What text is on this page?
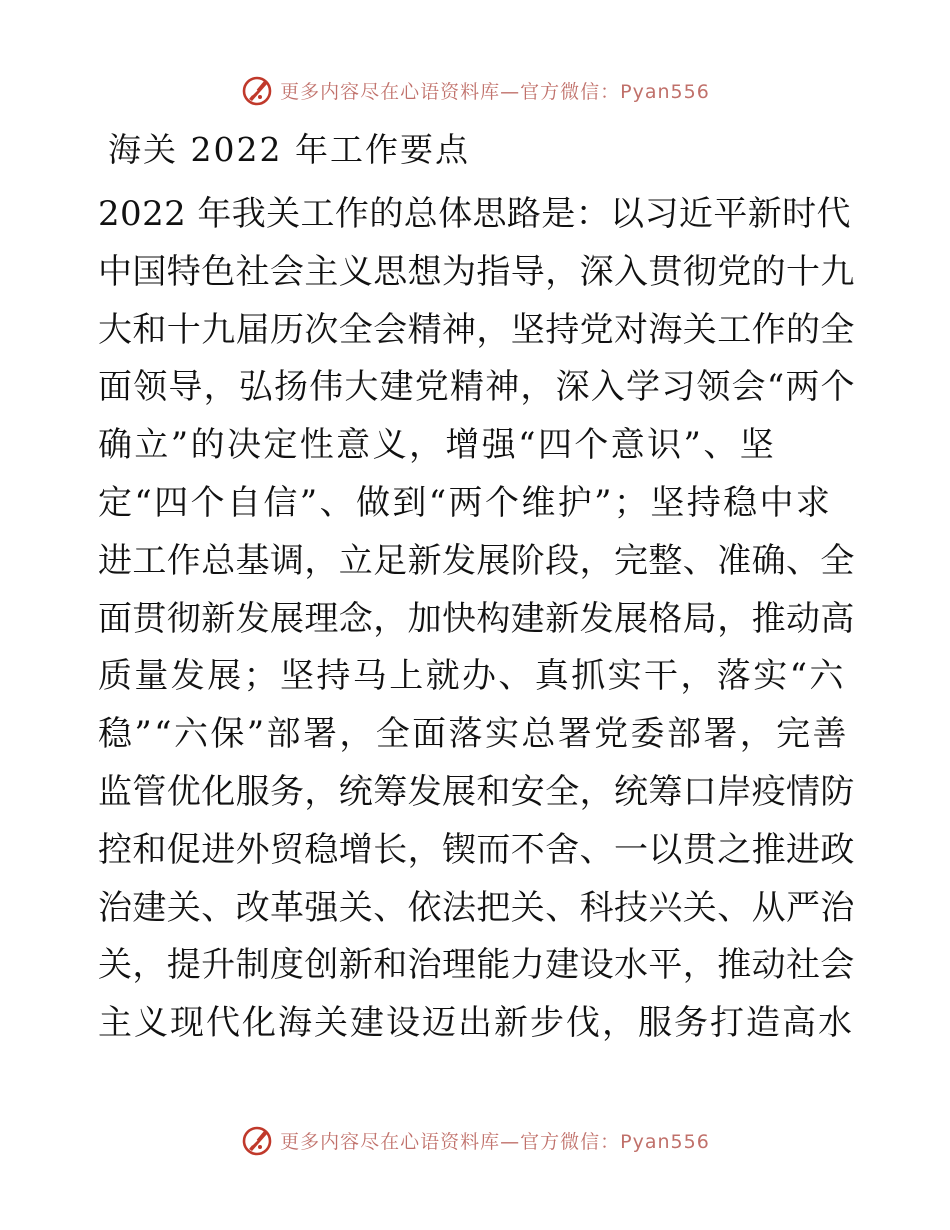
更多内容尽在心语资料库—官方微信：Pyan556
海关 2022 年工作要点
2022 年我关工作的总体思路是：以习近平新时代
中国特色社会主义思想为指导，深入贯彻党的十九
大和十九届历次全会精神，坚持党对海关工作的全
面领导，弘扬伟大建党精神，深入学习领会“两个
确立”的决定性意义，增强“四个意识”、坚
定“四个自信”、做到“两个维护”；坚持稳中求
进工作总基调，立足新发展阶段，完整、准确、全
面贯彻新发展理念，加快构建新发展格局，推动高
质量发展；坚持马上就办、真抓实干，落实“六
稳”“六保”部署，全面落实总署党委部署，完善
监管优化服务，统筹发展和安全，统筹口岸疫情防
控和促进外贸稳增长，锲而不舍、一以贯之推进政
治建关、改革强关、依法把关、科技兴关、从严治
关，提升制度创新和治理能力建设水平，推动社会
主义现代化海关建设迈出新步伐，服务打造高水
更多内容尽在心语资料库—官方微信：Pyan556
